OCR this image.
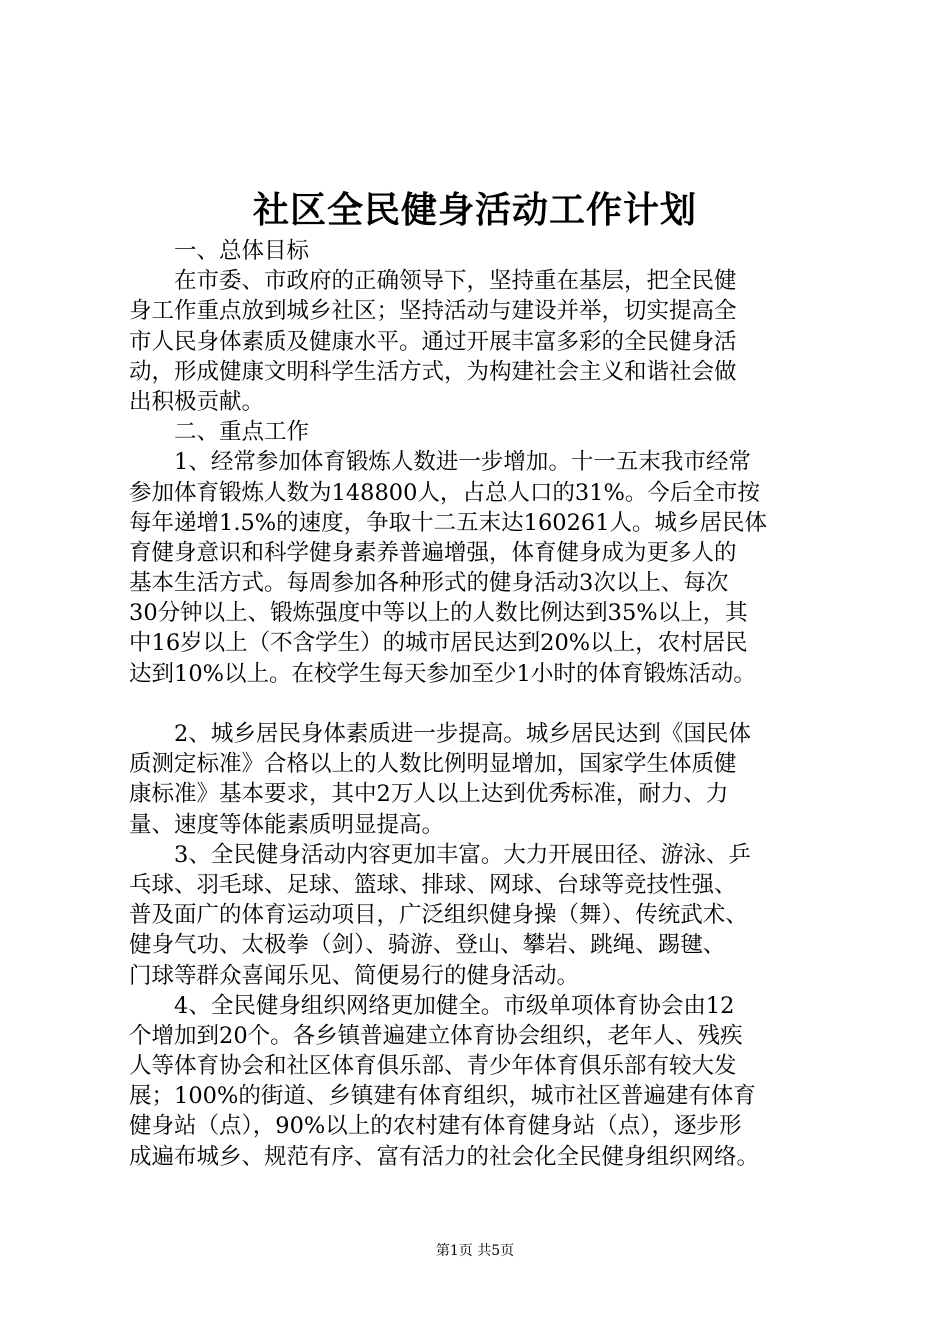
社区全民健身活动工作计划
　　一、总体目标
　　在市委、市政府的正确领导下，坚持重在基层，把全民健
身工作重点放到城乡社区；坚持活动与建设并举，切实提高全
市人民身体素质及健康水平。通过开展丰富多彩的全民健身活
动，形成健康文明科学生活方式，为构建社会主义和谐社会做
出积极贡献。
　　二、重点工作
　　1、经常参加体育锻炼人数进一步增加。十一五末我市经常
参加体育锻炼人数为148800人，占总人口的31%。今后全市按
每年递增1.5%的速度，争取十二五末达160261人。城乡居民体
育健身意识和科学健身素养普遍增强，体育健身成为更多人的
基本生活方式。每周参加各种形式的健身活动3次以上、每次
30分钟以上、锻炼强度中等以上的人数比例达到35%以上，其
中16岁以上（不含学生）的城市居民达到20%以上，农村居民
达到10%以上。在校学生每天参加至少1小时的体育锻炼活动。
　　2、城乡居民身体素质进一步提高。城乡居民达到《国民体
质测定标准》合格以上的人数比例明显增加，国家学生体质健
康标准》基本要求，其中2万人以上达到优秀标准，耐力、力
量、速度等体能素质明显提高。
　　3、全民健身活动内容更加丰富。大力开展田径、游泳、乒
乓球、羽毛球、足球、篮球、排球、网球、台球等竞技性强、
普及面广的体育运动项目，广泛组织健身操（舞）、传统武术、
健身气功、太极拳（剑）、骑游、登山、攀岩、跳绳、踢毽、
门球等群众喜闻乐见、简便易行的健身活动。
　　4、全民健身组织网络更加健全。市级单项体育协会由12
个增加到20个。各乡镇普遍建立体育协会组织，老年人、残疾
人等体育协会和社区体育俱乐部、青少年体育俱乐部有较大发
展；100%的街道、乡镇建有体育组织，城市社区普遍建有体育
健身站（点），90%以上的农村建有体育健身站（点），逐步形
成遍布城乡、规范有序、富有活力的社会化全民健身组织网络。
第1页 共5页
